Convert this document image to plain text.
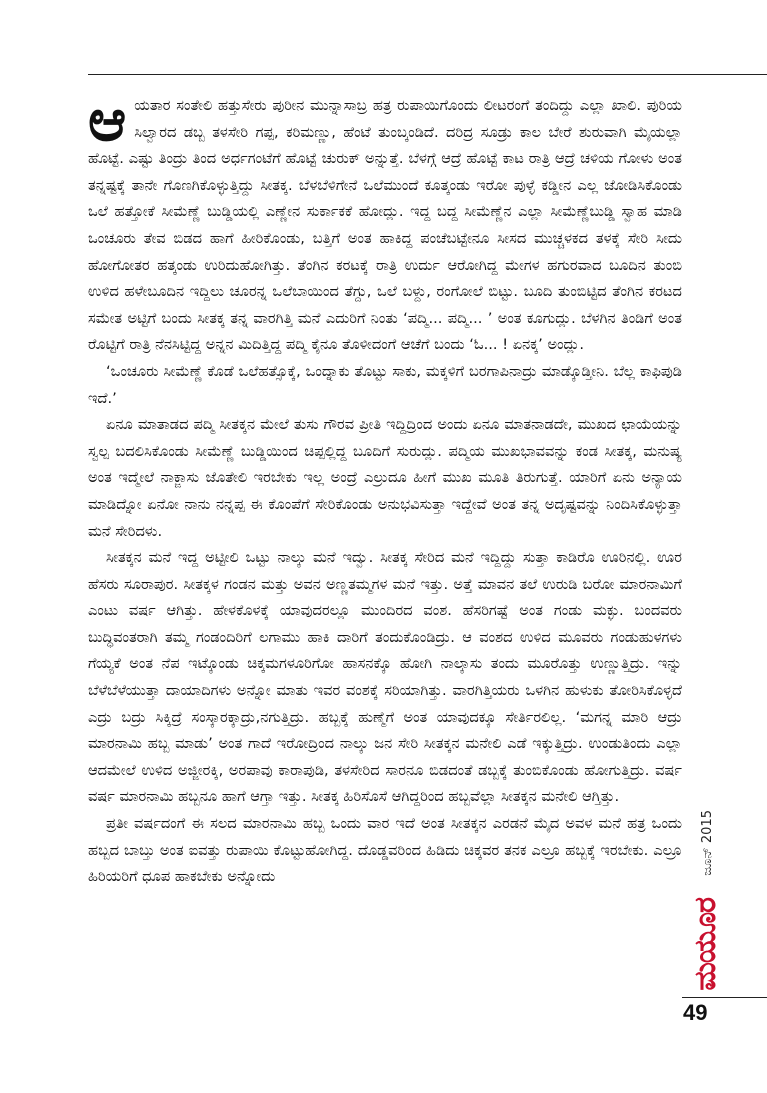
ಆಯತಾರ ಸಂತೇಲಿ ಹತ್ತುಸೇರು ಪುರೀನ ಮುನ್ನಾಸಾಬ್ರ ಹತ್ರ ರುಪಾಯಿಗೊಂದು ಲೀಟರಂಗೆ ತಂದಿದ್ದು ಎಲ್ಲಾ ಖಾಲಿ. ಪುರಿಯ ಸಿಲ್ವಾರದ ಡಬ್ಬ ತಳಸೇರಿ ಗಪ್ಪ, ಕರಿಮಣ್ಣು, ಹೆಂಟೆ ತುಂಬ್ಕಂಡಿದೆ. ದರಿದ್ರ ಸೂಡ್ರು ಕಾಲ ಬೇರೆ ಶುರುವಾಗಿ ಮೈಯಲ್ಲಾ ಹೊಟ್ಟೆ. ಎಷ್ಟು ತಿಂದ್ರು ತಿಂದ ಅರ್ಧಗಂಟೆಗೆ ಹೊಟ್ಟೆ ಚುರುಕ್ ಅನ್ನುತ್ತೆ. ಬೆಳಗ್ಗೆ ಆದ್ರೆ ಹೊಟ್ಟೆ ಕಾಟ ರಾತ್ರಿ ಆದ್ರೆ ಚಳಿಯ ಗೋಳು ಅಂತ ತನ್ನಷ್ಟಕ್ಕೆ ತಾನೇ ಗೊಣಗಿಕೊಳ್ಳುತ್ತಿದ್ದು ಸೀತಕ್ಕ. ಬೆಳಬೆಳಿಗೇನೆ ಒಲೆಮುಂದೆ ಕೂತ್ಕಂಡು ಇರೋ ಪುಳ್ಳೆ ಕಡ್ಡೀನ ಎಲ್ಲ ಜೋಡಿಸಿಕೊಂಡು ಒಲೆ ಹತ್ತೋಕೆ ಸೀಮೆಣ್ಣೆ ಬುಡ್ಡಿಯಲ್ಲಿ ಎಣ್ಣೇನ ಸುರ್ಕಾಕಕೆ ಹೋದ್ಲು. ಇದ್ದ ಬದ್ದ ಸೀಮೆಣ್ಣೆನ ಎಲ್ಲಾ ಸೀಮೆಣ್ಣೆಬುಡ್ಡಿ ಸ್ವಾಹ ಮಾಡಿ ಒಂಚೂರು ತೇವ ಬಿಡದ ಹಾಗೆ ಹೀರಿಕೊಂಡು, ಬತ್ತಿಗೆ ಅಂತ ಹಾಕಿದ್ದ ಪಂಚೆಬಟ್ಟೇನೂ ಸೀಸದ ಮುಚ್ಚಳಕದ ತಳಕ್ಕೆ ಸೇರಿ ಸೀದು ಹೋಗೋತರ ಹತ್ಕಂಡು ಉರಿದುಹೋಗಿತ್ತು. ತೆಂಗಿನ ಕರಟಕ್ಕೆ ರಾತ್ರಿ ಉರ್ದು ಆರೋಗಿದ್ದ ಮೇಗಳ ಹಗುರವಾದ ಬೂದಿನ ತುಂಬಿ ಉಳಿದ ಹಳೇಬೂದಿನ ಇದ್ದಿಲು ಚೂರನ್ನ ಒಲೆಬಾಯಿಂದ ತೆಗ್ದು, ಒಲೆ ಬಳ್ದು, ರಂಗೋಲೆ ಬಿಟ್ಟು. ಬೂದಿ ತುಂಬಿಟ್ಟಿದ ತೆಂಗಿನ ಕರಟದ ಸಮೇತ ಅಟ್ಟಿಗೆ ಬಂದು ಸೀತಕ್ಕ ತನ್ನ ವಾರಗಿತ್ತಿ ಮನೆ ಎದುರಿಗೆ ನಿಂತು ‘ಪದ್ಮಿ... ಪದ್ಮಿ... ’ ಅಂತ ಕೂಗುದ್ಲು. ಬೆಳಗಿನ ತಿಂಡಿಗೆ ಅಂತ ರೊಟ್ಟಿಗೆ ರಾತ್ರಿ ನೆನಸಿಟ್ಟಿದ್ದ ಅನ್ನನ ಮಿದಿತ್ತಿದ್ದ ಪದ್ಮಿ ಕೈನೂ ತೊಳೀದಂಗೆ ಆಚೆಗೆ ಬಂದು ‘ಓ... ! ಏನಕ್ಕ’ ಅಂದ್ಲು.

‘ಒಂಚೂರು ಸೀಮೆಣ್ಣೆ ಕೊಡೆ ಒಲೆಹತ್ಸೊಕ್ಕೆ, ಒಂದ್ನಾಕು ತೊಟ್ಟು ಸಾಕು, ಮಕ್ಕಳಿಗೆ ಬರಗಾಪಿನಾದ್ರು ಮಾಡ್ಕೊಡ್ತೀನಿ. ಬೆಲ್ಲ ಕಾಫಿಪುಡಿ ಇದೆ.’

ಏನೂ ಮಾತಾಡದ ಪದ್ಮಿ ಸೀತಕ್ಕನ ಮೇಲೆ ತುಸು ಗೌರವ ಪ್ರೀತಿ ಇದ್ದಿದ್ರಿಂದ ಅಂದು ಏನೂ ಮಾತನಾಡದೇ, ಮುಖದ ಛಾಯೆಯನ್ನು ಸ್ವಲ್ಪ ಬದಲಿಸಿಕೊಂಡು ಸೀಮೆಣ್ಣೆ ಬುಡ್ಡಿಯಿಂದ ಚಿಪ್ಪಲ್ಲಿದ್ದ ಬೂದಿಗೆ ಸುರುದ್ಲು. ಪದ್ಮಿಯ ಮುಖಭಾವವನ್ನು ಕಂಡ ಸೀತಕ್ಕ, ಮನುಷ್ಯ ಅಂತ ಇದ್ಮೇಲೆ ನಾಕ್ಜಾಸು ಜೊತೇಲಿ ಇರಬೇಕು ಇಲ್ಲ ಅಂದ್ರೆ ಎಲ್ರುದೂ ಹೀಗೆ ಮುಖ ಮೂತಿ ತಿರುಗುತ್ತೆ. ಯಾರಿಗೆ ಏನು ಅನ್ಯಾಯ ಮಾಡಿದ್ನೋ ಏನೋ ನಾನು ನನ್ನಪ್ಪ ಈ ಕೊಂಪೆಗೆ ಸೇರಿಕೊಂಡು ಅನುಭವಿಸುತ್ತಾ ಇದ್ದೇವೆ ಅಂತ ತನ್ನ ಅದೃಷ್ಟವನ್ನು ನಿಂದಿಸಿಕೊಳ್ಳುತ್ತಾ ಮನೆ ಸೇರಿದಳು.

ಸೀತಕ್ಕನ ಮನೆ ಇದ್ದ ಅಟ್ಟೀಲಿ ಒಟ್ಟು ನಾಲ್ಕು ಮನೆ ಇದ್ವು. ಸೀತಕ್ಕ ಸೇರಿದ ಮನೆ ಇದ್ದಿದ್ದು ಸುತ್ತಾ ಕಾಡಿರೊ ಊರಿನಲ್ಲಿ. ಊರ ಹೆಸರು ಸೂರಾಪುರ. ಸೀತಕ್ಕಳ ಗಂಡನ ಮತ್ತು ಅವನ ಅಣ್ಣತಮ್ಮಗಳ ಮನೆ ಇತ್ತು. ಅತ್ತೆ ಮಾವನ ತಲೆ ಉರುಡಿ ಬರೋ ಮಾರನಾಮಿಗೆ ಎಂಟು ವರ್ಷ ಆಗಿತ್ತು. ಹೇಳಕೊಳಕ್ಕೆ ಯಾವುದರಲ್ಲೂ ಮುಂದಿರದ ವಂಶ. ಹೆಸರಿಗಷ್ಟೆ ಅಂತ ಗಂಡು ಮಕ್ಳು. ಬಂದವರು ಬುದ್ಧಿವಂತರಾಗಿ ತಮ್ಮ ಗಂಡಂದಿರಿಗೆ ಲಗಾಮು ಹಾಕಿ ದಾರಿಗೆ ತಂದುಕೊಂಡಿದ್ರು. ಆ ವಂಶದ ಉಳಿದ ಮೂವರು ಗಂಡುಹುಳಗಳು ಗೆಯ್ಯಕೆ ಅಂತ ನೆಪ ಇಟ್ಕೊಂಡು ಚಿಕ್ಕಮಗಳೂರಿಗೋ ಹಾಸನಕ್ಕೊ ಹೋಗಿ ನಾಲ್ಕಾಸು ತಂದು ಮೂರೊತ್ತು ಉಣ್ಣುತ್ತಿದ್ರು. ಇನ್ನು ಬೆಳೆಬೆಳೆಯುತ್ತಾ ದಾಯಾದಿಗಳು ಅನ್ನೋ ಮಾತು ಇವರ ವಂಶಕ್ಕೆ ಸರಿಯಾಗಿತ್ತು. ವಾರಗಿತ್ತಿಯರು ಒಳಗಿನ ಹುಳುಕು ತೋರಿಸಿಕೊಳ್ಳದೆ ಎದ್ರು ಬದ್ರು ಸಿಕ್ಕಿದ್ರೆ ಸಂಸ್ಕಾರಕ್ಕಾದ್ರು,ನಗುತ್ತಿದ್ರು. ಹಬ್ಬಕ್ಕೆ ಹುಣ್ಮೆಗೆ ಅಂತ ಯಾವುದಕ್ಕೂ ಸೇರ್ತಿರಲಿಲ್ಲ. ‘ಮಗನ್ನ ಮಾರಿ ಆದ್ರು ಮಾರನಾಮಿ ಹಬ್ಬ ಮಾಡು’ ಅಂತ ಗಾದೆ ಇರೋದ್ರಿಂದ ನಾಲ್ಕು ಜನ ಸೇರಿ ಸೀತಕ್ಕನ ಮನೇಲಿ ಎಡೆ ಇಕ್ಕುತ್ತಿದ್ರು. ಉಂಡುತಿಂದು ಎಲ್ಲಾ ಆದಮೇಲೆ ಉಳಿದ ಅಜ್ಜೀರಕ್ಕಿ, ಅರಪಾವು ಕಾರಾಪುಡಿ, ತಳಸೇರಿದ ಸಾರನೂ ಬಿಡದಂತೆ ಡಬ್ಬಕ್ಕೆ ತುಂಬಿಕೊಂಡು ಹೋಗುತ್ತಿದ್ರು. ವರ್ಷ ವರ್ಷ ಮಾರನಾಮಿ ಹಬ್ಬನೂ ಹಾಗೆ ಆಗ್ತಾ ಇತ್ತು. ಸೀತಕ್ಕ ಹಿರಿಸೊಸೆ ಆಗಿದ್ದರಿಂದ ಹಬ್ಬವೆಲ್ಲಾ ಸೀತಕ್ಕನ ಮನೇಲಿ ಆಗ್ತಿತ್ತು.

ಪ್ರತೀ ವರ್ಷದಂಗೆ ಈ ಸಲದ ಮಾರನಾಮಿ ಹಬ್ಬ ಒಂದು ವಾರ ಇದೆ ಅಂತ ಸೀತಕ್ಕನ ಎರಡನೆ ಮೈದ ಅವಳ ಮನೆ ಹತ್ರ ಒಂದು ಹಬ್ಬದ ಬಾಬ್ತು ಅಂತ ಐವತ್ತು ರುಪಾಯಿ ಕೊಟ್ಟುಹೋಗಿದ್ದ. ದೊಡ್ಡವರಿಂದ ಹಿಡಿದು ಚಿಕ್ಕವರ ತನಕ ಎಲ್ರೂ ಹಬ್ಬಕ್ಕೆ ಇರಬೇಕು. ಎಲ್ರೂ ಹಿರಿಯರಿಗೆ ಧೂಪ ಹಾಕಬೇಕು ಅನ್ನೋದು

ಜೂನ್ 2015
ಮಯೂರ
49
